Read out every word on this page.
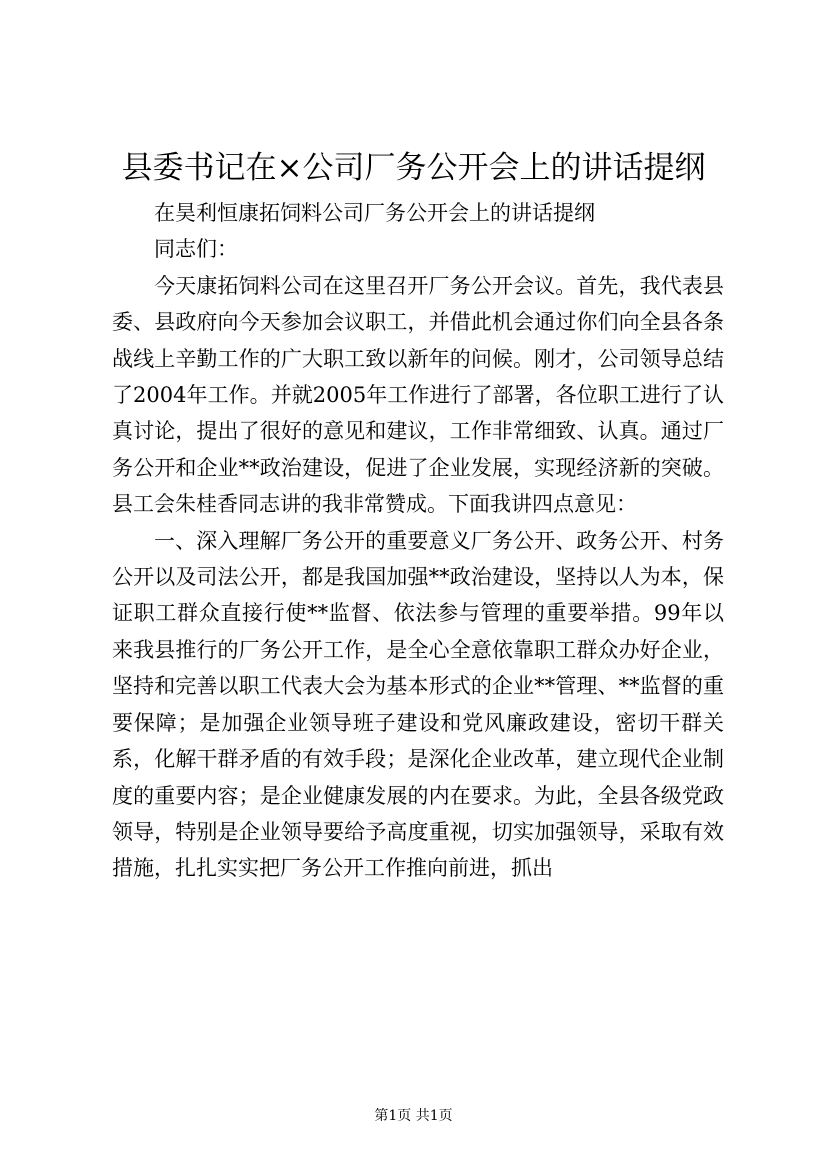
县委书记在×公司厂务公开会上的讲话提纲

在昊利恒康拓饲料公司厂务公开会上的讲话提纲

同志们：

今天康拓饲料公司在这里召开厂务公开会议。首先，我代表县委、县政府向今天参加会议职工，并借此机会通过你们向全县各条战线上辛勤工作的广大职工致以新年的问候。刚才，公司领导总结了2004年工作。并就2005年工作进行了部署，各位职工进行了认真讨论，提出了很好的意见和建议，工作非常细致、认真。通过厂务公开和企业**政治建设，促进了企业发展，实现经济新的突破。县工会朱桂香同志讲的我非常赞成。下面我讲四点意见：

一、深入理解厂务公开的重要意义厂务公开、政务公开、村务公开以及司法公开，都是我国加强**政治建设，坚持以人为本，保证职工群众直接行使**监督、依法参与管理的重要举措。99年以来我县推行的厂务公开工作，是全心全意依靠职工群众办好企业，坚持和完善以职工代表大会为基本形式的企业**管理、**监督的重要保障；是加强企业领导班子建设和党风廉政建设，密切干群关系，化解干群矛盾的有效手段；是深化企业改革，建立现代企业制度的重要内容；是企业健康发展的内在要求。为此，全县各级党政领导，特别是企业领导要给予高度重视，切实加强领导，采取有效措施，扎扎实实把厂务公开工作推向前进，抓出

第1页 共1页
